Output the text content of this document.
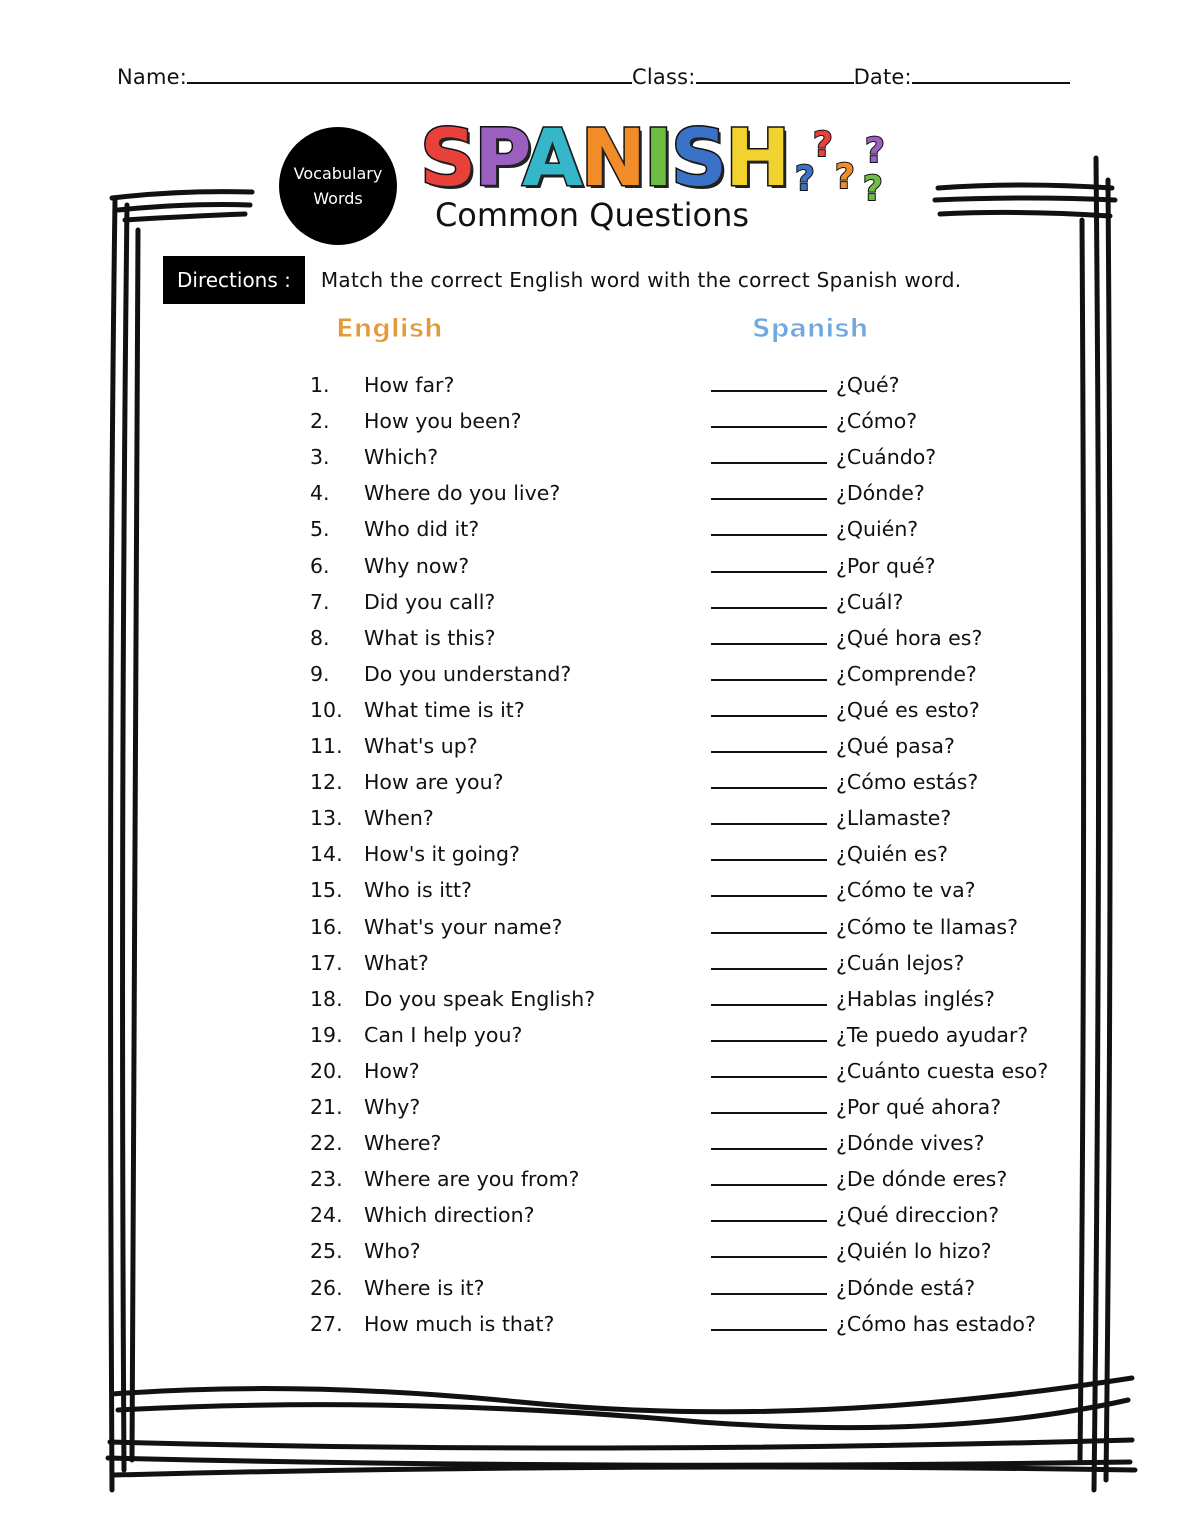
Name:	Class:	Date:
Vocabulary
Words SPANISH
Common Questions
?
? ?
?
?
Directions :	Match the correct English word with the correct Spanish word.
English	Spanish
1. How far?	¿Qué?
2. How you been?	¿Cómo?
3. Which?	¿Cuándo?
4. Where do you live?	¿Dónde?
5. Who did it?	¿Quién?
6. Why now?	¿Por qué?
7. Did you call?	¿Cuál?
8. What is this?	¿Qué hora es?
9. Do you understand?	¿Comprende?
10. What time is it?	¿Qué es esto?
11. What's up?	¿Qué pasa?
12. How are you?	¿Cómo estás?
13. When?	¿Llamaste?
14. How's it going?	¿Quién es?
15. Who is itt?	¿Cómo te va?
16. What's your name?	¿Cómo te llamas?
17. What?	¿Cuán lejos?
18. Do you speak English?	¿Hablas inglés?
19. Can I help you?	¿Te puedo ayudar?
20. How?	¿Cuánto cuesta eso?
21. Why?	¿Por qué ahora?
22. Where?	¿Dónde vives?
23. Where are you from?	¿De dónde eres?
24. Which direction?	¿Qué direccion?
25. Who?	¿Quién lo hizo?
26. Where is it?	¿Dónde está?
27. How much is that?	¿Cómo has estado?
